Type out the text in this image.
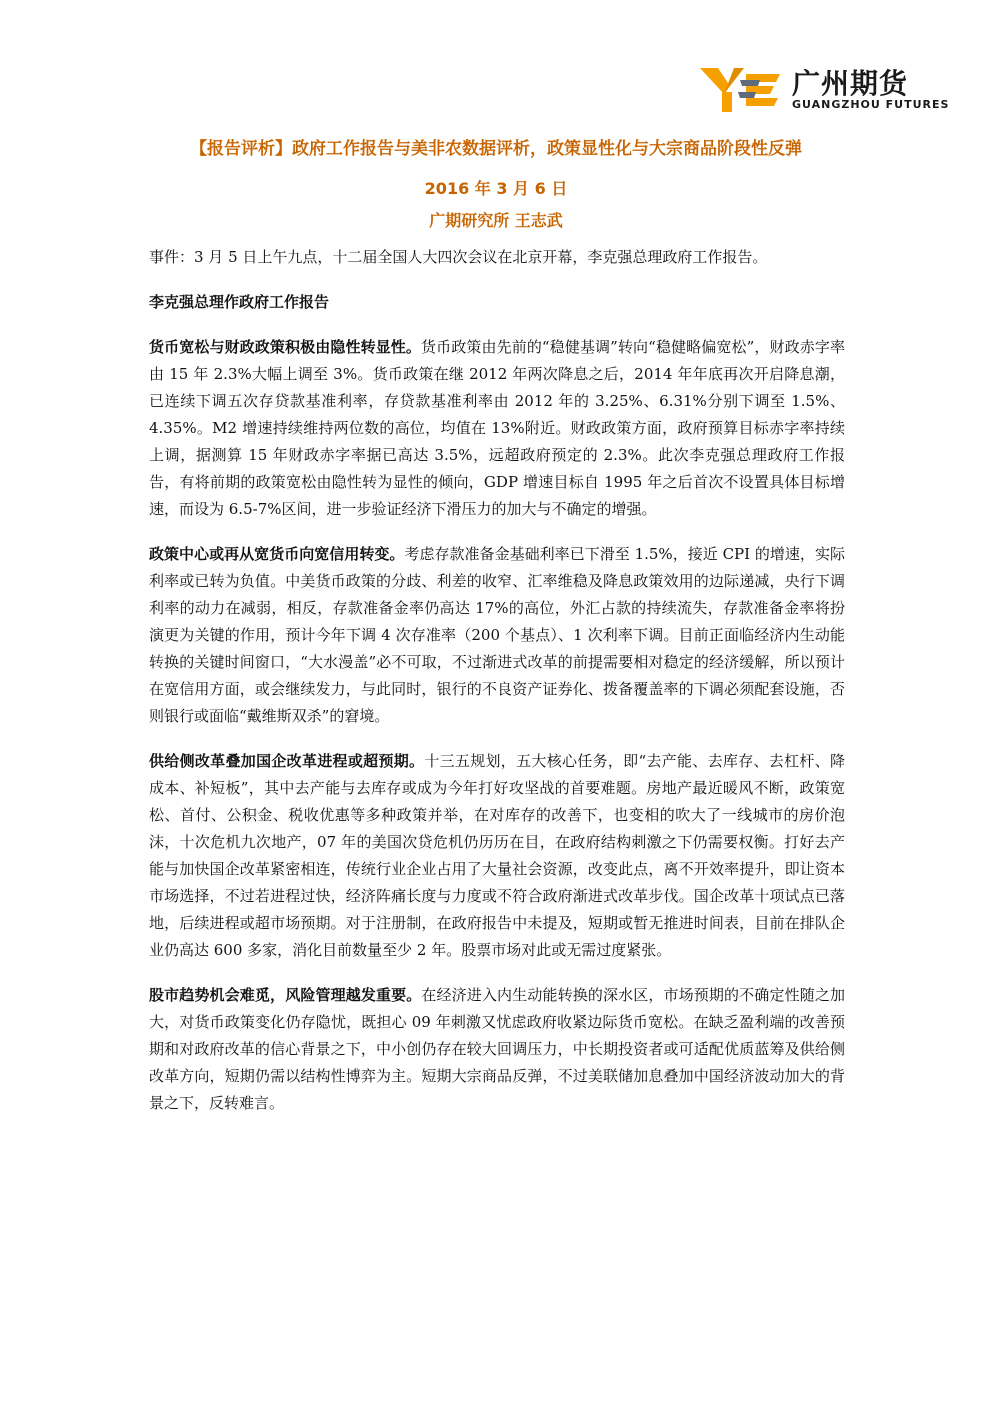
广州期货
GUANGZHOU FUTURES
【报告评析】政府工作报告与美非农数据评析，政策显性化与大宗商品阶段性反弹
2016 年 3 月 6 日
广期研究所 王志武

事件：3 月 5 日上午九点，十二届全国人大四次会议在北京开幕，李克强总理政府工作报告。

李克强总理作政府工作报告

货币宽松与财政政策积极由隐性转显性。货币政策由先前的“稳健基调”转向“稳健略偏宽松”，财政赤字率由 15 年 2.3%大幅上调至 3%。货币政策在继 2012 年两次降息之后，2014 年年底再次开启降息潮，已连续下调五次存贷款基准利率，存贷款基准利率由 2012 年的 3.25%、6.31%分别下调至 1.5%、4.35%。M2 增速持续维持两位数的高位，均值在 13%附近。财政政策方面，政府预算目标赤字率持续上调，据测算 15 年财政赤字率据已高达 3.5%，远超政府预定的 2.3%。此次李克强总理政府工作报告，有将前期的政策宽松由隐性转为显性的倾向，GDP 增速目标自 1995 年之后首次不设置具体目标增速，而设为 6.5-7%区间，进一步验证经济下滑压力的加大与不确定的增强。

政策中心或再从宽货币向宽信用转变。考虑存款准备金基础利率已下滑至 1.5%，接近 CPI 的增速，实际利率或已转为负值。中美货币政策的分歧、利差的收窄、汇率维稳及降息政策效用的边际递减，央行下调利率的动力在减弱，相反，存款准备金率仍高达 17%的高位，外汇占款的持续流失，存款准备金率将扮演更为关键的作用，预计今年下调 4 次存准率（200 个基点）、1 次利率下调。目前正面临经济内生动能转换的关键时间窗口，“大水漫盖”必不可取，不过渐进式改革的前提需要相对稳定的经济缓解，所以预计在宽信用方面，或会继续发力，与此同时，银行的不良资产证券化、拨备覆盖率的下调必须配套设施，否则银行或面临“戴维斯双杀”的窘境。

供给侧改革叠加国企改革进程或超预期。十三五规划，五大核心任务，即“去产能、去库存、去杠杆、降成本、补短板”，其中去产能与去库存或成为今年打好攻坚战的首要难题。房地产最近暖风不断，政策宽松、首付、公积金、税收优惠等多种政策并举，在对库存的改善下，也变相的吹大了一线城市的房价泡沫，十次危机九次地产，07 年的美国次贷危机仍历历在目，在政府结构刺激之下仍需要权衡。打好去产能与加快国企改革紧密相连，传统行业企业占用了大量社会资源，改变此点，离不开效率提升，即让资本市场选择，不过若进程过快，经济阵痛长度与力度或不符合政府渐进式改革步伐。国企改革十项试点已落地，后续进程或超市场预期。对于注册制，在政府报告中未提及，短期或暂无推进时间表，目前在排队企业仍高达 600 多家，消化目前数量至少 2 年。股票市场对此或无需过度紧张。

股市趋势机会难觅，风险管理越发重要。在经济进入内生动能转换的深水区，市场预期的不确定性随之加大，对货币政策变化仍存隐忧，既担心 09 年刺激又忧虑政府收紧边际货币宽松。在缺乏盈利端的改善预期和对政府改革的信心背景之下，中小创仍存在较大回调压力，中长期投资者或可适配优质蓝筹及供给侧改革方向，短期仍需以结构性博弈为主。短期大宗商品反弹，不过美联储加息叠加中国经济波动加大的背景之下，反转难言。
